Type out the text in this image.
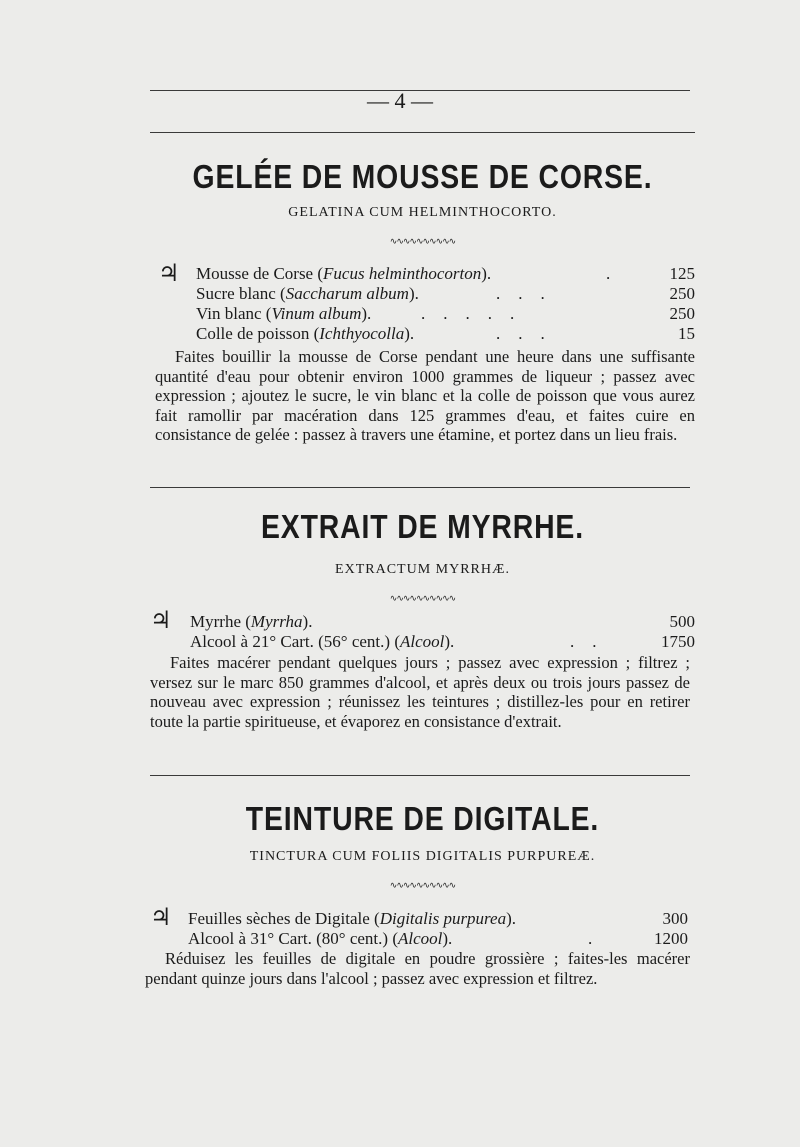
— 4 —
GELÉE DE MOUSSE DE CORSE.
GELATINA CUM HELMINTHOCORTO.
∿∿∿∿∿∿∿∿∿∿
♃ Mousse de Corse (Fucus helminthocorton).	. 125
Sucre blanc (Saccharum album).	...	250
Vin blanc (Vinum album).	.....	250
Colle de poisson (Ichthyocolla).	...	15
Faites bouillir la mousse de Corse pendant une heure dans une suffisante quantité d'eau pour obtenir environ 1000 grammes de liqueur ; passez avec expression ; ajoutez le sucre, le vin blanc et la colle de poisson que vous aurez fait ramollir par macération dans 125 grammes d'eau, et faites cuire en consistance de gelée : passez à travers une étamine, et portez dans un lieu frais.
EXTRAIT DE MYRRHE.
EXTRACTUM MYRRHÆ.
∿∿∿∿∿∿∿∿∿∿
♃ Myrrhe (Myrrha).	500
Alcool à 21° Cart. (56° cent.) (Alcool).	..	1750
Faites macérer pendant quelques jours ; passez avec expression ; filtrez ; versez sur le marc 850 grammes d'alcool, et après deux ou trois jours passez de nouveau avec expression ; réunissez les teintures ; distillez-les pour en retirer toute la partie spiritueuse, et évaporez en consistance d'extrait.
TEINTURE DE DIGITALE.
TINCTURA CUM FOLIIS DIGITALIS PURPUREÆ.
∿∿∿∿∿∿∿∿∿∿
♃ Feuilles sèches de Digitale (Digitalis purpurea).	300
Alcool à 31° Cart. (80° cent.) (Alcool).	.	1200
Réduisez les feuilles de digitale en poudre grossière ; faites-les macérer pendant quinze jours dans l'alcool ; passez avec expression et filtrez.
